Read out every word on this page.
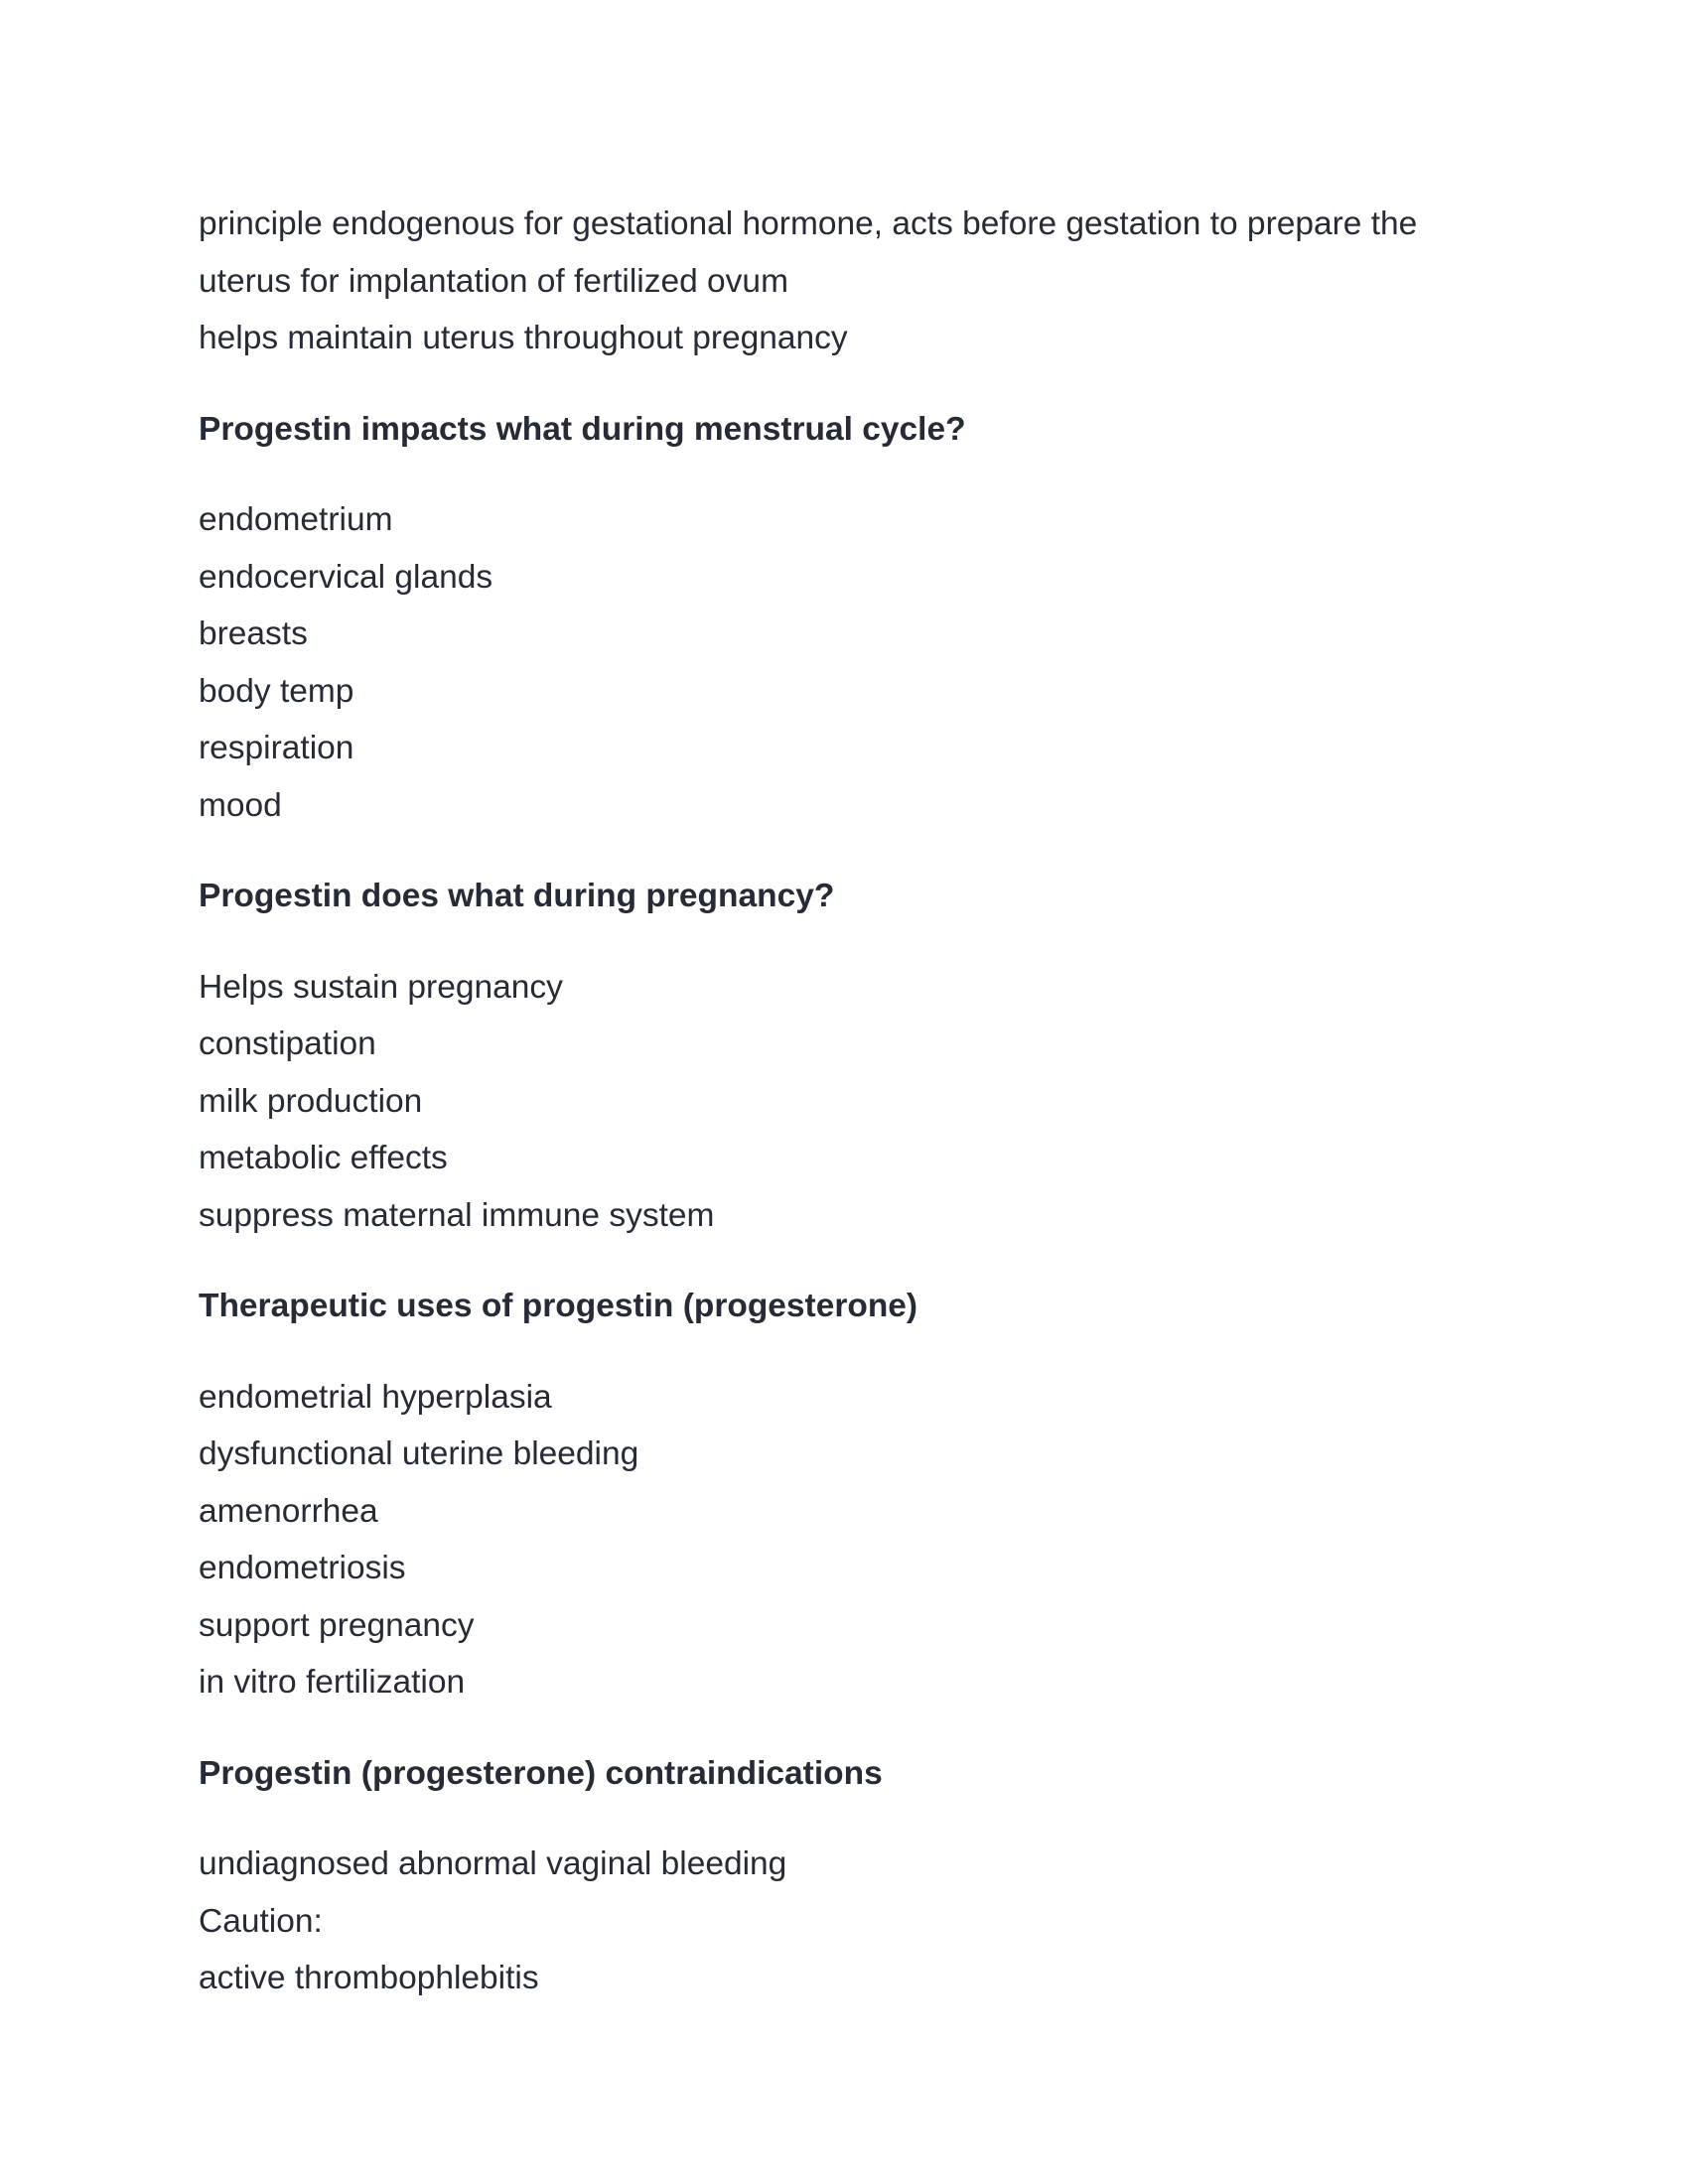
principle endogenous for gestational hormone, acts before gestation to prepare the
uterus for implantation of fertilized ovum
helps maintain uterus throughout pregnancy
Progestin impacts what during menstrual cycle?
endometrium
endocervical glands
breasts
body temp
respiration
mood
Progestin does what during pregnancy?
Helps sustain pregnancy
constipation
milk production
metabolic effects
suppress maternal immune system
Therapeutic uses of progestin (progesterone)
endometrial hyperplasia
dysfunctional uterine bleeding
amenorrhea
endometriosis
support pregnancy
in vitro fertilization
Progestin (progesterone) contraindications
undiagnosed abnormal vaginal bleeding
Caution:
active thrombophlebitis
